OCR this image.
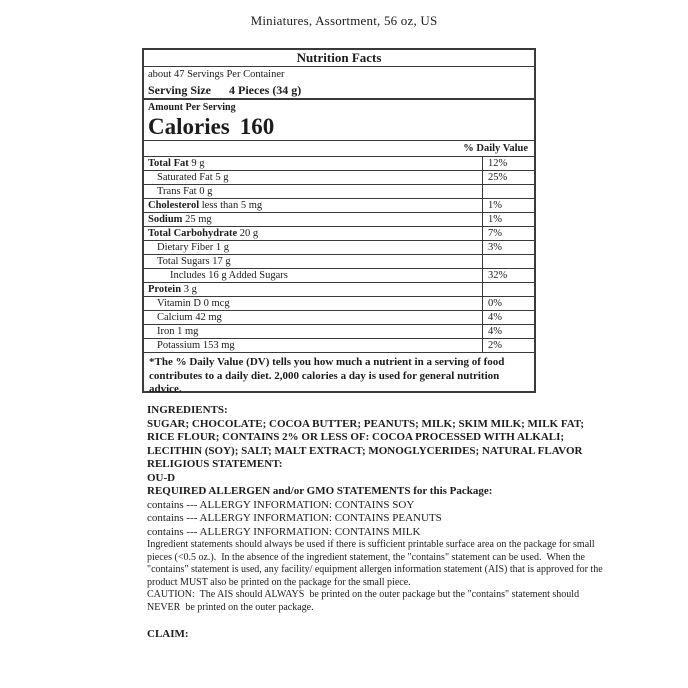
Miniatures, Assortment, 56 oz, US
Nutrition Facts
about 47 Servings Per Container
Serving Size 4 Pieces (34 g)
Amount Per Serving
Calories 160
% Daily Value
Total Fat 9 g	12%
Saturated Fat 5 g	25%
Trans Fat 0 g
Cholesterol less than 5 mg	1%
Sodium 25 mg	1%
Total Carbohydrate 20 g	7%
Dietary Fiber 1 g	3%
Total Sugars 17 g
Includes 16 g Added Sugars	32%
Protein 3 g
Vitamin D 0 mcg	0%
Calcium 42 mg	4%
Iron 1 mg	4%
Potassium 153 mg	2%
*The % Daily Value (DV) tells you how much a nutrient in a serving of food contributes to a daily diet. 2,000 calories a day is used for general nutrition advice.
INGREDIENTS:
SUGAR; CHOCOLATE; COCOA BUTTER; PEANUTS; MILK; SKIM MILK; MILK FAT; RICE FLOUR; CONTAINS 2% OR LESS OF: COCOA PROCESSED WITH ALKALI; LECITHIN (SOY); SALT; MALT EXTRACT; MONOGLYCERIDES; NATURAL FLAVOR
RELIGIOUS STATEMENT:
OU-D
REQUIRED ALLERGEN and/or GMO STATEMENTS for this Package:
contains --- ALLERGY INFORMATION: CONTAINS SOY
contains --- ALLERGY INFORMATION: CONTAINS PEANUTS
contains --- ALLERGY INFORMATION: CONTAINS MILK
Ingredient statements should always be used if there is sufficient printable surface area on the package for small pieces (<0.5 oz.).  In the absence of the ingredient statement, the "contains" statement can be used.  When the "contains" statement is used, any facility/ equipment allergen information statement (AIS) that is approved for the product MUST also be printed on the package for the small piece.
CAUTION:  The AIS should ALWAYS  be printed on the outer package but the "contains" statement should NEVER  be printed on the outer package.
CLAIM:
